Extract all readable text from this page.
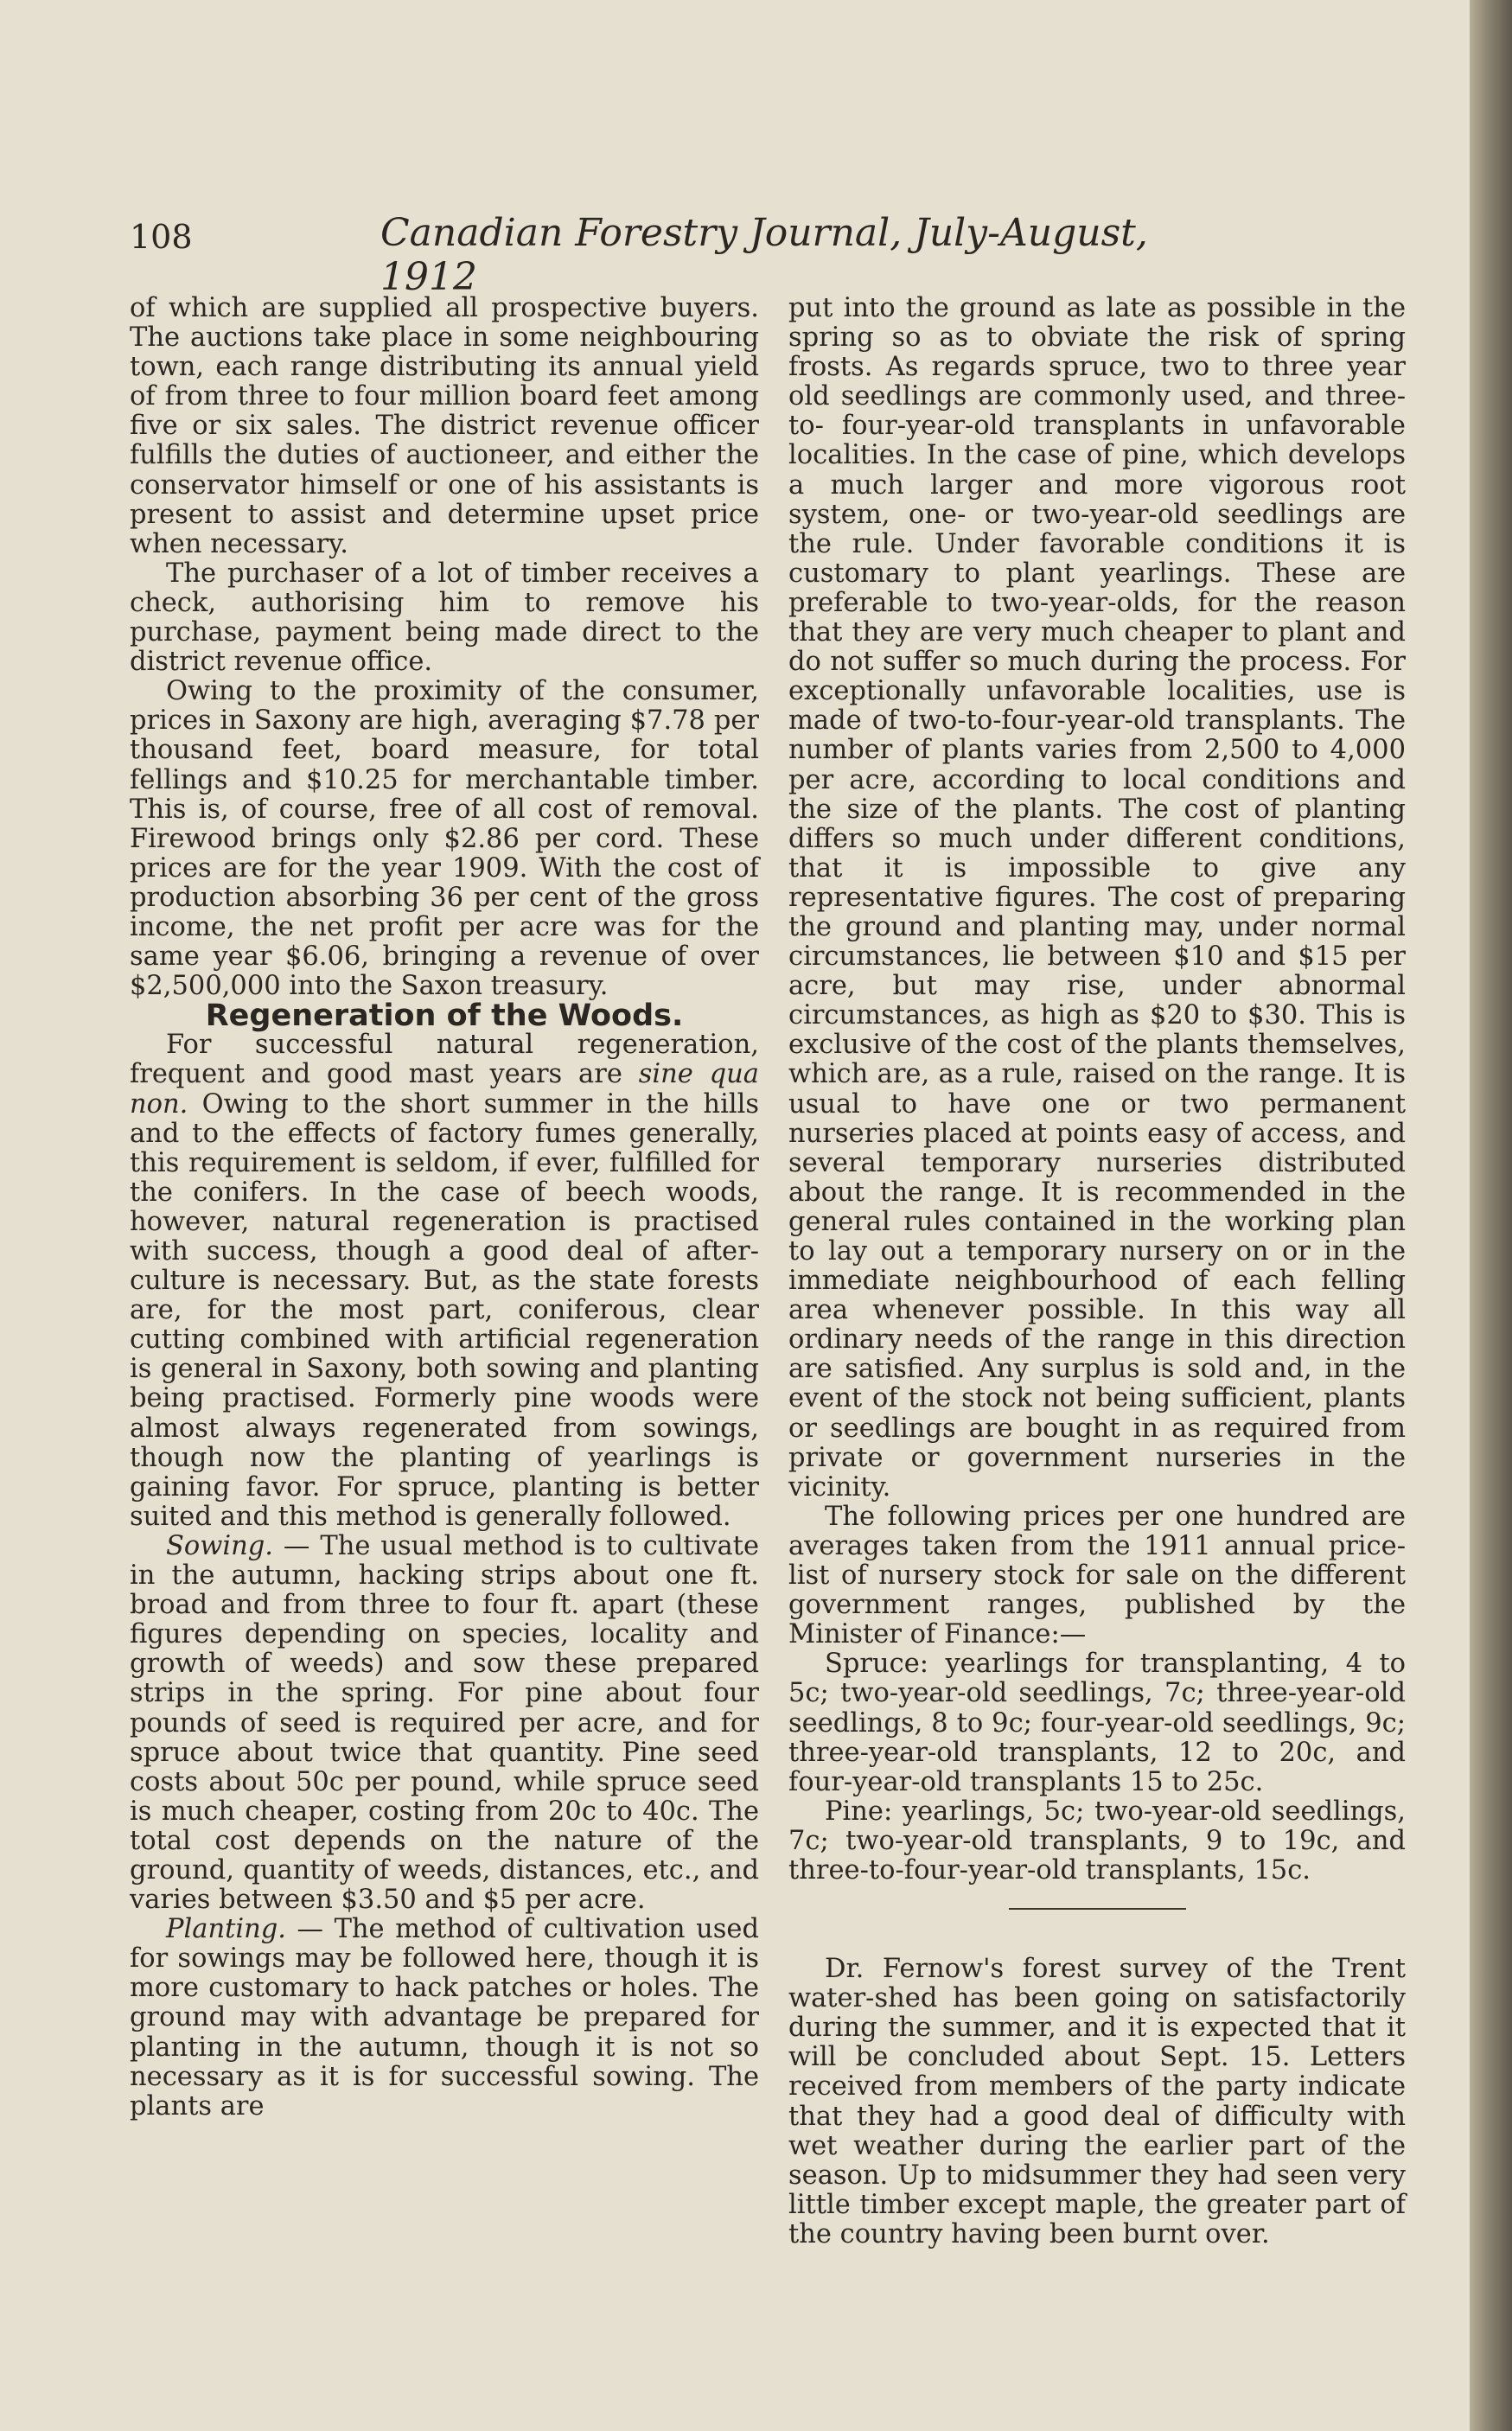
108	Canadian Forestry Journal, July-August, 1912

of which are supplied all prospective buyers. The auctions take place in some neighbouring town, each range distributing its annual yield of from three to four million board feet among five or six sales. The district revenue officer fulfills the duties of auctioneer, and either the conservator himself or one of his assistants is present to assist and determine upset price when necessary.

The purchaser of a lot of timber receives a check, authorising him to remove his purchase, payment being made direct to the district revenue office.

Owing to the proximity of the consumer, prices in Saxony are high, averaging $7.78 per thousand feet, board measure, for total fellings and $10.25 for merchantable timber. This is, of course, free of all cost of removal. Firewood brings only $2.86 per cord. These prices are for the year 1909. With the cost of production absorbing 36 per cent of the gross income, the net profit per acre was for the same year $6.06, bringing a revenue of over $2,500,000 into the Saxon treasury.

Regeneration of the Woods.

For successful natural regeneration, frequent and good mast years are sine qua non. Owing to the short summer in the hills and to the effects of factory fumes generally, this requirement is seldom, if ever, fulfilled for the conifers. In the case of beech woods, however, natural regeneration is practised with success, though a good deal of after-culture is necessary. But, as the state forests are, for the most part, coniferous, clear cutting combined with artificial regeneration is general in Saxony, both sowing and planting being practised. Formerly pine woods were almost always regenerated from sowings, though now the planting of yearlings is gaining favor. For spruce, planting is better suited and this method is generally followed.

Sowing. — The usual method is to cultivate in the autumn, hacking strips about one ft. broad and from three to four ft. apart (these figures depending on species, locality and growth of weeds) and sow these prepared strips in the spring. For pine about four pounds of seed is required per acre, and for spruce about twice that quantity. Pine seed costs about 50c per pound, while spruce seed is much cheaper, costing from 20c to 40c. The total cost depends on the nature of the ground, quantity of weeds, distances, etc., and varies between $3.50 and $5 per acre.

Planting. — The method of cultivation used for sowings may be followed here, though it is more customary to hack patches or holes. The ground may with advantage be prepared for planting in the autumn, though it is not so necessary as it is for successful sowing. The plants are

put into the ground as late as possible in the spring so as to obviate the risk of spring frosts. As regards spruce, two to three year old seedlings are commonly used, and three-to- four-year-old transplants in unfavorable localities. In the case of pine, which develops a much larger and more vigorous root system, one- or two-year-old seedlings are the rule. Under favorable conditions it is customary to plant yearlings. These are preferable to two-year-olds, for the reason that they are very much cheaper to plant and do not suffer so much during the process. For exceptionally unfavorable localities, use is made of two-to-four-year-old transplants. The number of plants varies from 2,500 to 4,000 per acre, according to local conditions and the size of the plants. The cost of planting differs so much under different conditions, that it is impossible to give any representative figures. The cost of preparing the ground and planting may, under normal circumstances, lie between $10 and $15 per acre, but may rise, under abnormal circumstances, as high as $20 to $30. This is exclusive of the cost of the plants themselves, which are, as a rule, raised on the range. It is usual to have one or two permanent nurseries placed at points easy of access, and several temporary nurseries distributed about the range. It is recommended in the general rules contained in the working plan to lay out a temporary nursery on or in the immediate neighbourhood of each felling area whenever possible. In this way all ordinary needs of the range in this direction are satisfied. Any surplus is sold and, in the event of the stock not being sufficient, plants or seedlings are bought in as required from private or government nurseries in the vicinity.

The following prices per one hundred are averages taken from the 1911 annual price-list of nursery stock for sale on the different government ranges, published by the Minister of Finance:—

Spruce: yearlings for transplanting, 4 to 5c; two-year-old seedlings, 7c; three-year-old seedlings, 8 to 9c; four-year-old seedlings, 9c; three-year-old transplants, 12 to 20c, and four-year-old transplants 15 to 25c.

Pine: yearlings, 5c; two-year-old seedlings, 7c; two-year-old transplants, 9 to 19c, and three-to-four-year-old transplants, 15c.

Dr. Fernow's forest survey of the Trent water-shed has been going on satisfactorily during the summer, and it is expected that it will be concluded about Sept. 15. Letters received from members of the party indicate that they had a good deal of difficulty with wet weather during the earlier part of the season. Up to midsummer they had seen very little timber except maple, the greater part of the country having been burnt over.
